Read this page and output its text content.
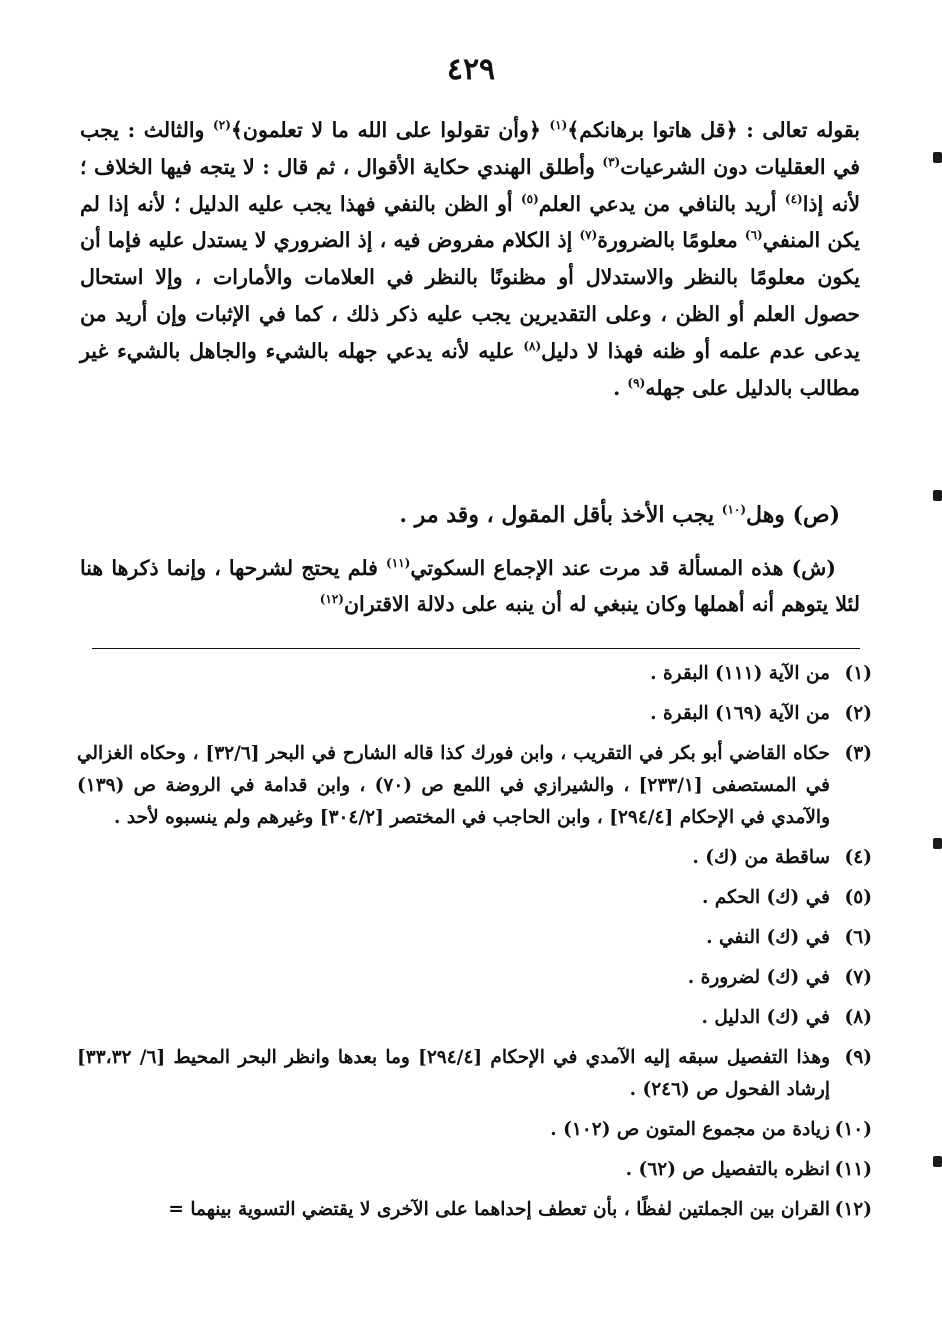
٤٢٩

بقوله تعالى : ﴿قل هاتوا برهانكم﴾$^{(١)}$ ﴿وأن تقولوا على الله ما لا تعلمون﴾$^{(٢)}$ والثالث : يجب في العقليات دون الشرعيات$^{(٣)}$ وأطلق الهندي حكاية الأقوال ، ثم قال : لا يتجه فيها الخلاف ؛ لأنه إذا$^{(٤)}$ أريد بالنافي من يدعي العلم$^{(٥)}$ أو الظن بالنفي فهذا يجب عليه الدليل ؛ لأنه إذا لم يكن المنفي$^{(٦)}$ معلومًا بالضرورة$^{(٧)}$ إذ الكلام مفروض فيه ، إذ الضروري لا يستدل عليه فإما أن يكون معلومًا بالنظر والاستدلال أو مظنونًا بالنظر في العلامات والأمارات ، وإلا استحال حصول العلم أو الظن ، وعلى التقديرين يجب عليه ذكر ذلك ، كما في الإثبات وإن أريد من يدعى عدم علمه أو ظنه فهذا لا دليل$^{(٨)}$ عليه لأنه يدعي جهله بالشيء والجاهل بالشيء غير مطالب بالدليل على جهله$^{(٩)}$ .

(ص) وهل$^{(١٠)}$ يجب الأخذ بأقل المقول ، وقد مر .

(ش) هذه المسألة قد مرت عند الإجماع السكوتي$^{(١١)}$ فلم يحتج لشرحها ، وإنما ذكرها هنا لئلا يتوهم أنه أهملها وكان ينبغي له أن ينبه على دلالة الاقتران$^{(١٢)}$

(١)من الآية (١١١) البقرة .
(٢)من الآية (١٦٩) البقرة .
(٣)حكاه القاضي أبو بكر في التقريب ، وابن فورك كذا قاله الشارح في البحر [٣٢/٦] ، وحكاه الغزالي في المستصفى [٢٣٣/١] ، والشيرازي في اللمع ص (٧٠) ، وابن قدامة في الروضة ص (١٣٩) والآمدي في الإحكام [٢٩٤/٤] ، وابن الحاجب في المختصر [٣٠٤/٢] وغيرهم ولم ينسبوه لأحد .
(٤)ساقطة من (ك) .
(٥)في (ك) الحكم .
(٦)في (ك) النفي .
(٧)في (ك) لضرورة .
(٨)في (ك) الدليل .
(٩)وهذا التفصيل سبقه إليه الآمدي في الإحكام [٢٩٤/٤] وما بعدها وانظر البحر المحيط [٦/ ٣٣،٣٢] إرشاد الفحول ص (٢٤٦) .
(١٠)زيادة من مجموع المتون ص (١٠٢) .
(١١)انظره بالتفصيل ص (٦٢) .
(١٢)القران بين الجملتين لفظًا ، بأن تعطف إحداهما على الآخرى لا يقتضي التسوية بينهما =
